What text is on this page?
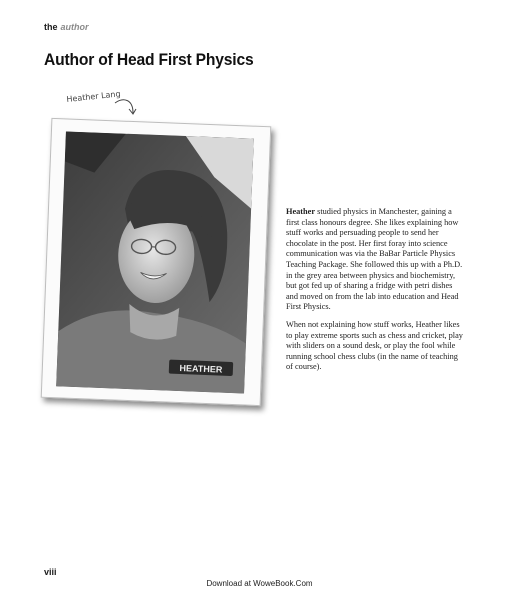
the author
Author of Head First Physics
Heather Lang
HEATHER

Heather studied physics in Manchester, gaining a first class honours degree. She likes explaining how stuff works and persuading people to send her chocolate in the post. Her first foray into science communication was via the BaBar Particle Physics Teaching Package. She followed this up with a Ph.D. in the grey area between physics and biochemistry, but got fed up of sharing a fridge with petri dishes and moved on from the lab into education and Head First Physics.

When not explaining how stuff works, Heather likes to play extreme sports such as chess and cricket, play with sliders on a sound desk, or play the fool while running school chess clubs (in the name of teaching of course).

viii
Download at WoweBook.Com
